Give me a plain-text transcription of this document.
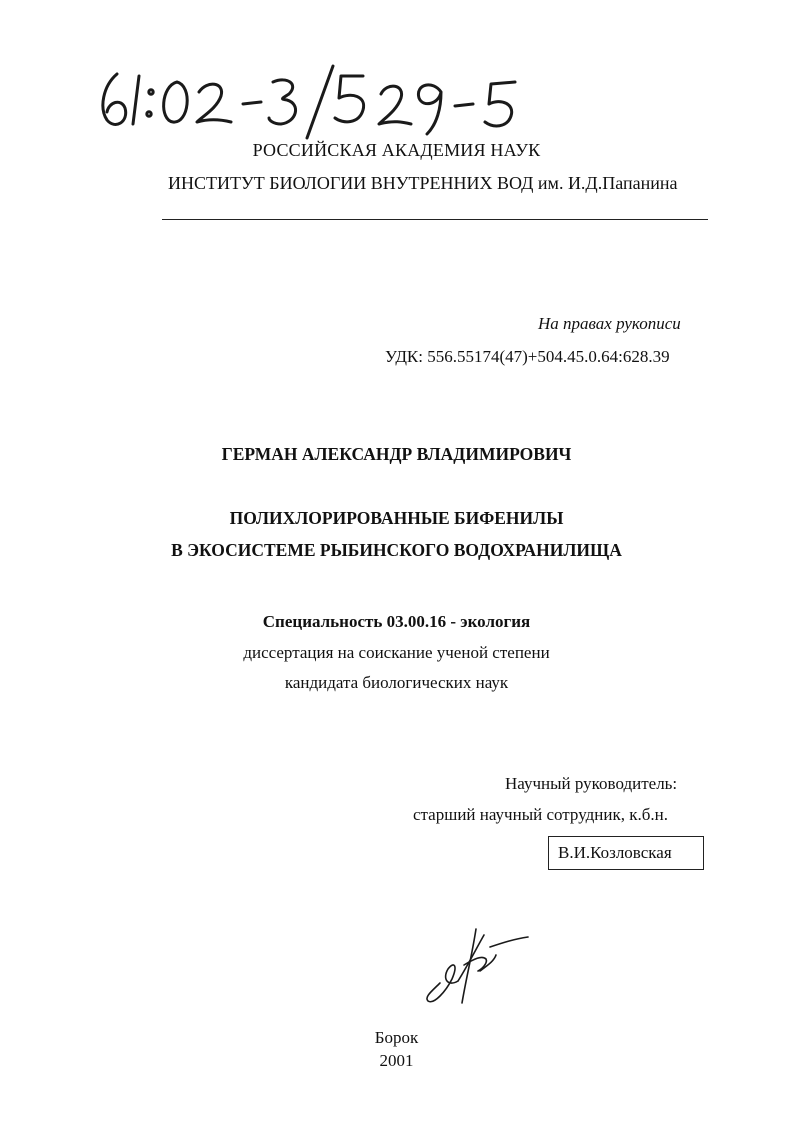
РОССИЙСКАЯ АКАДЕМИЯ НАУК
ИНСТИТУТ БИОЛОГИИ ВНУТРЕННИХ ВОД им. И.Д.Папанина
На правах рукописи
УДК: 556.55174(47)+504.45.0.64:628.39
ГЕРМАН АЛЕКСАНДР ВЛАДИМИРОВИЧ
ПОЛИХЛОРИРОВАННЫЕ БИФЕНИЛЫ
В ЭКОСИСТЕМЕ РЫБИНСКОГО ВОДОХРАНИЛИЩА
Специальность 03.00.16 - экология
диссертация на соискание ученой степени
кандидата биологических наук
Научный руководитель:
старший научный сотрудник, к.б.н.
В.И.Козловская
Борок
2001
